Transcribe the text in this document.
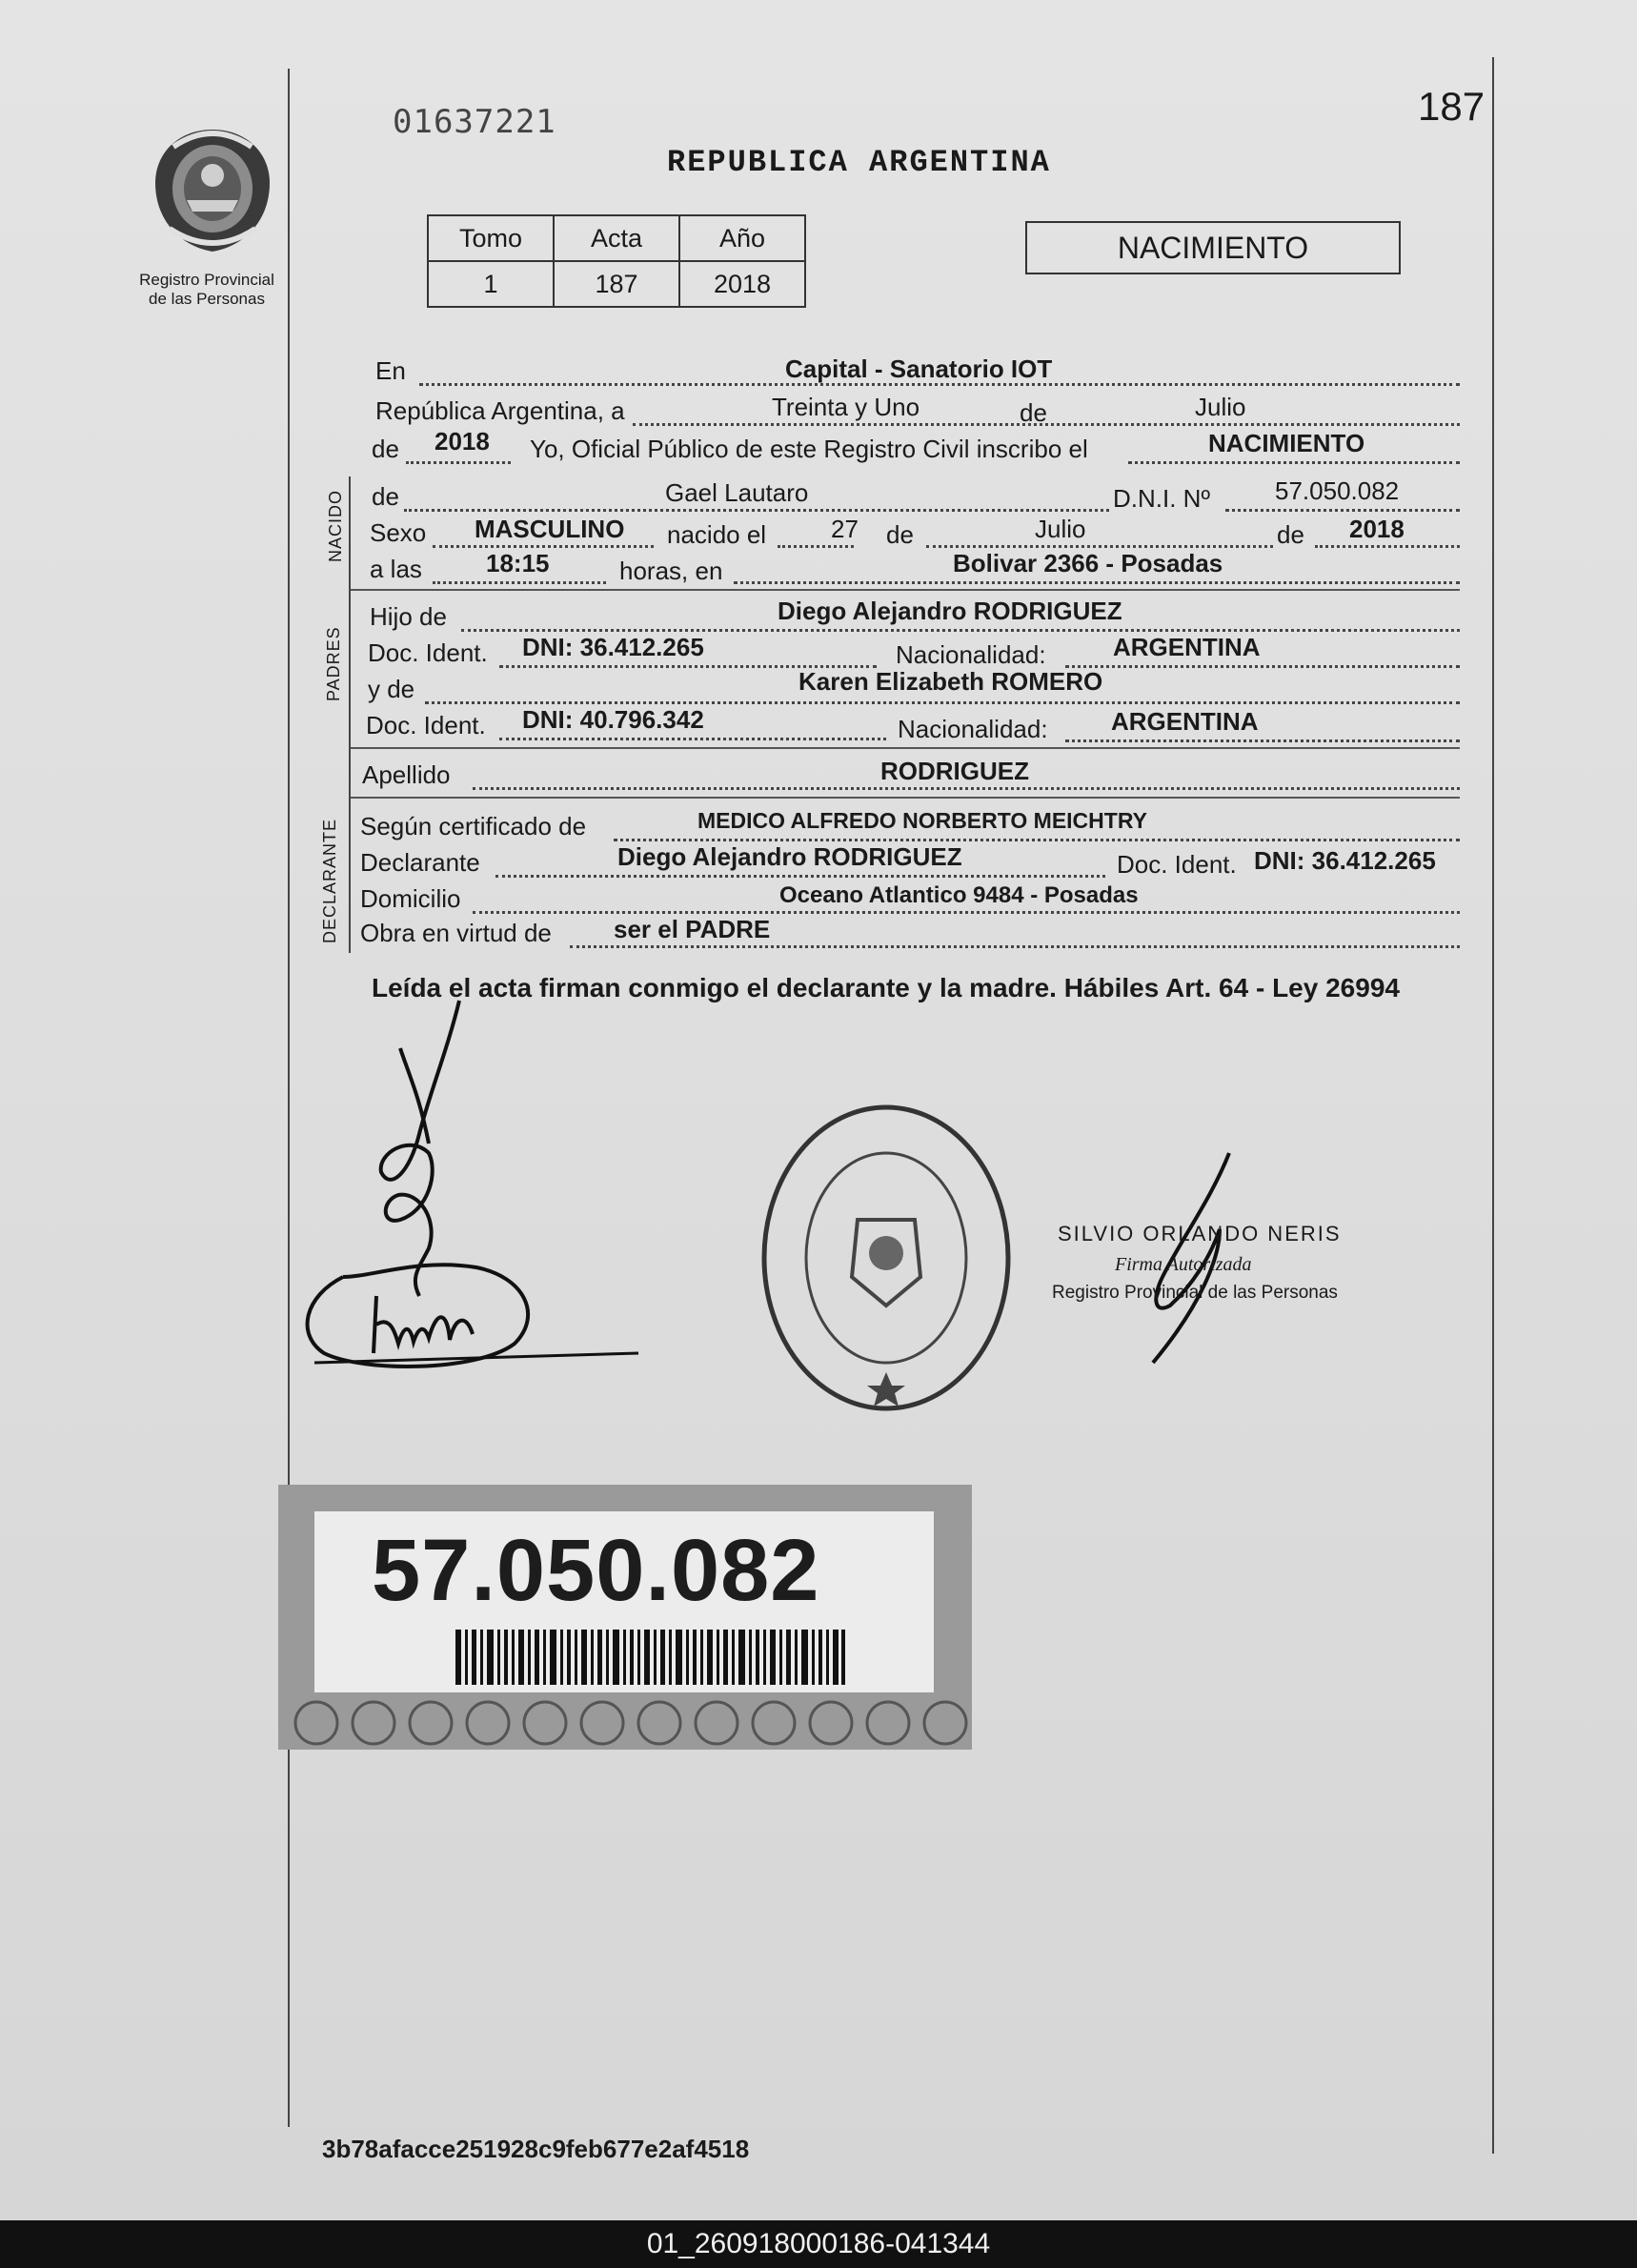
01637221	187
REPUBLICA ARGENTINA
Registro Provincial
de las Personas
Tomo	Acta	Año
1	187	2018
NACIMIENTO
En	Capital - Sanatorio IOT
República Argentina, a	Treinta y Uno	de	Julio
de 2018 Yo, Oficial Público de este Registro Civil inscribo el	NACIMIENTO
NACIDO de	Gael Lautaro	D.N.I. Nº	57.050.082
Sexo MASCULINO nacido el	27 de	Julio	de 2018
a las	18:15	horas, en	Bolivar 2366 - Posadas
PADRES
Hijo de	Diego Alejandro RODRIGUEZ
Doc. Ident. DNI: 36.412.265	Nacionalidad:	ARGENTINA
y de	Karen Elizabeth ROMERO
Doc. Ident. DNI: 40.796.342	Nacionalidad:	ARGENTINA
Apellido	RODRIGUEZ
DECLARANTE Según certificado de	MEDICO ALFREDO NORBERTO MEICHTRY
Declarante	Diego Alejandro RODRIGUEZ	Doc. Ident. DNI: 36.412.265
Domicilio	Oceano Atlantico 9484 - Posadas
Obra en virtud de	ser el PADRE
Leída el acta firman conmigo el declarante y la madre. Hábiles Art. 64 - Ley 26994
SILVIO ORLANDO NERIS
Firma Autorizada
Registro Provincial de las Personas
57.050.082
3b78afacce251928c9feb677e2af4518
01_260918000186-041344
